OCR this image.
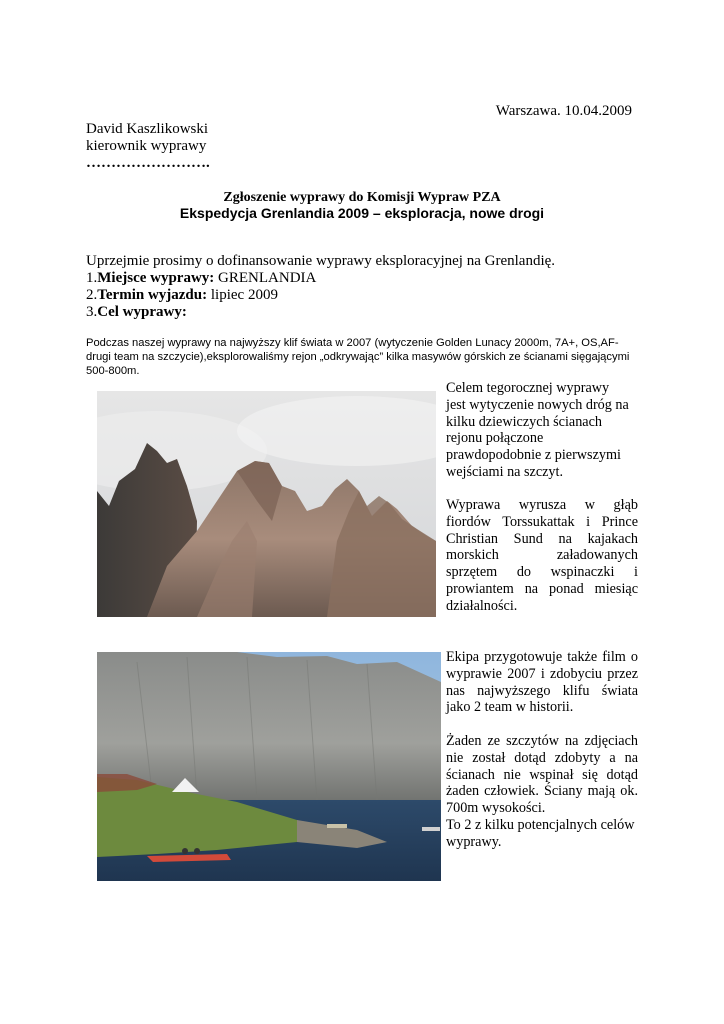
Warszawa. 10.04.2009
David Kaszlikowski
kierownik wyprawy
…………………….
Zgłoszenie wyprawy do Komisji Wypraw PZA
Ekspedycja Grenlandia 2009 – eksploracja, nowe drogi
Uprzejmie prosimy o dofinansowanie wyprawy eksploracyjnej na Grenlandię.
1.Miejsce wyprawy: GRENLANDIA
2.Termin wyjazdu: lipiec 2009
3.Cel wyprawy:
Podczas naszej wyprawy na najwyższy klif świata w 2007 (wytyczenie Golden Lunacy 2000m, 7A+, OS,AF- drugi team na szczycie),eksplorowaliśmy rejon „odkrywając” kilka masywów górskich ze ścianami sięgającymi 500-800m.
Celem tegorocznej wyprawy jest wytyczenie nowych dróg na kilku dziewiczych ścianach rejonu połączone prawdopodobnie z pierwszymi wejściami na szczyt.
Wyprawa wyrusza w głąb fiordów Torssukattak i Prince Christian Sund na kajakach morskich załadowanych sprzętem do wspinaczki i prowiantem na ponad miesiąc działalności.
Ekipa przygotowuje także film o wyprawie 2007 i zdobyciu przez nas najwyższego klifu świata jako 2 team w historii.
Żaden ze szczytów na zdjęciach nie został dotąd zdobyty a na ścianach nie wspinał się dotąd żaden człowiek. Ściany mają ok. 700m wysokości.
To 2 z kilku potencjalnych celów wyprawy.
